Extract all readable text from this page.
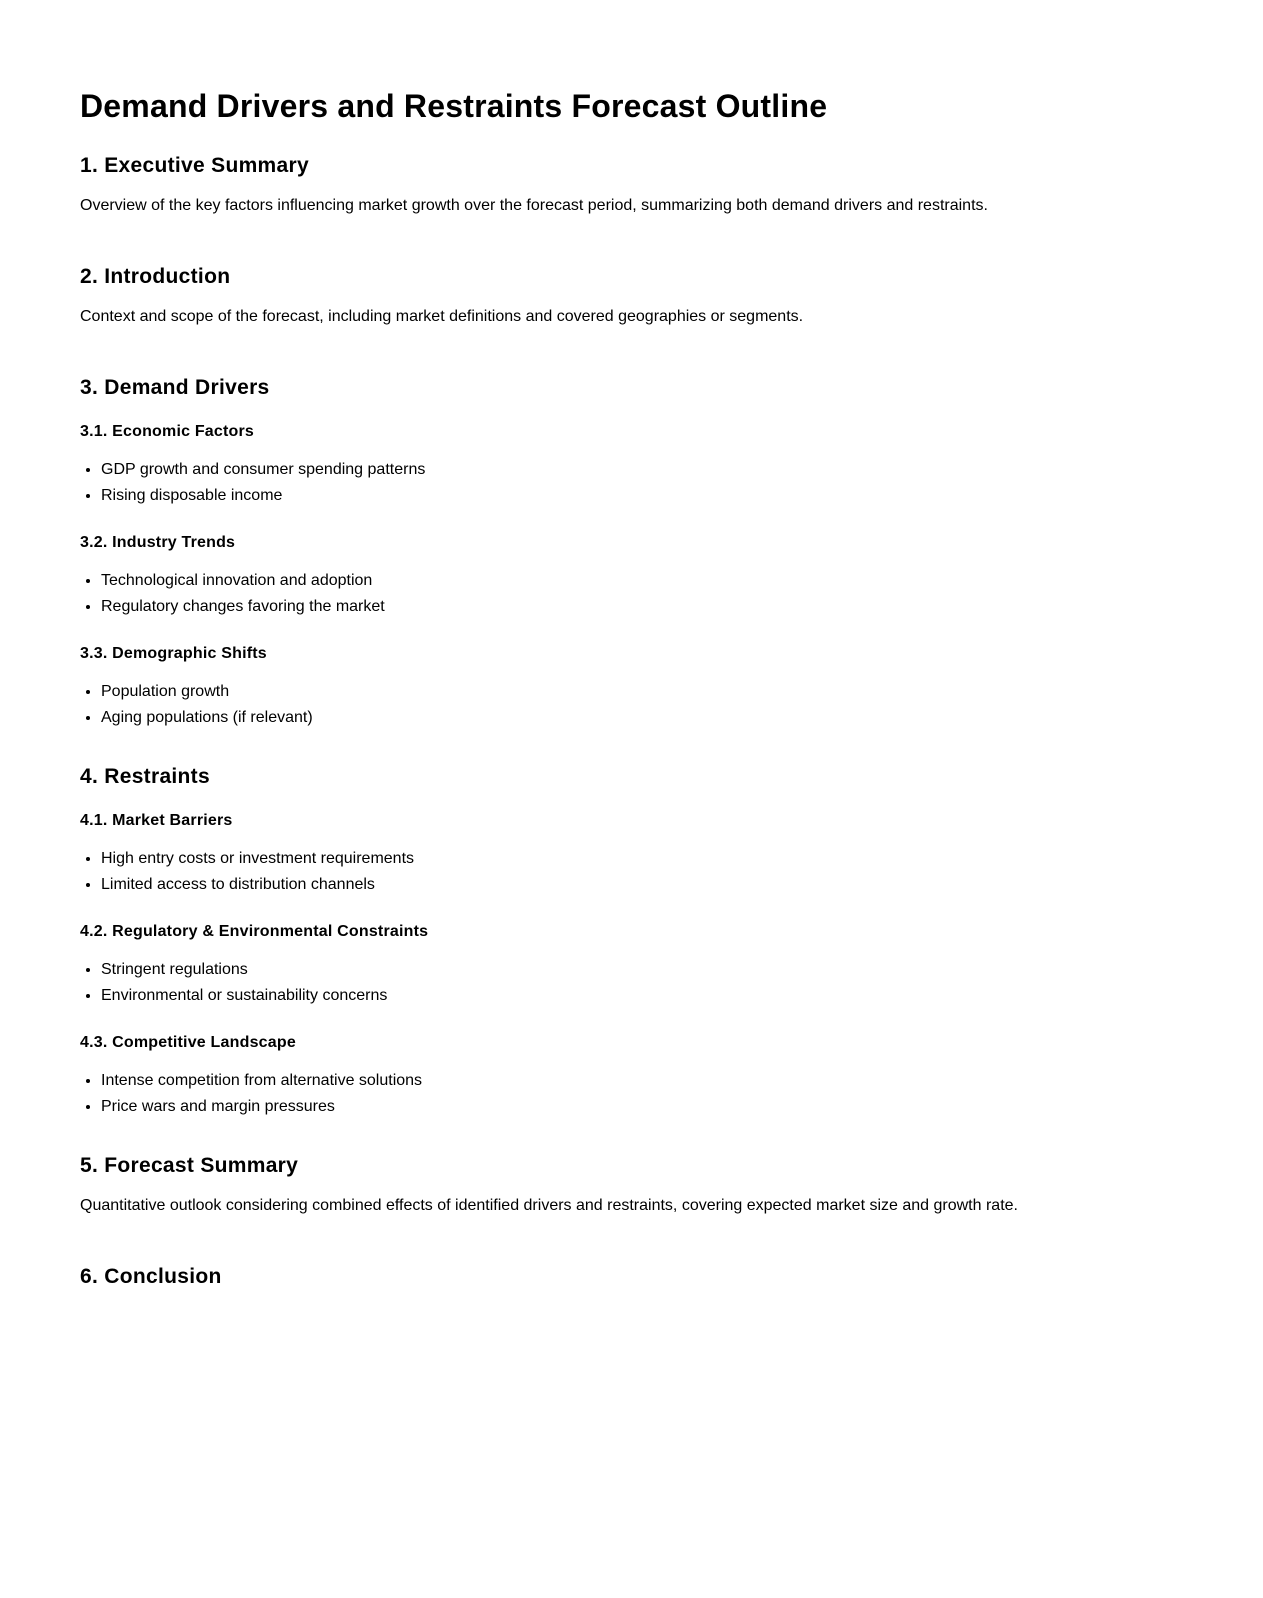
Demand Drivers and Restraints Forecast Outline
1. Executive Summary

Overview of the key factors influencing market growth over the forecast period, summarizing both demand drivers and restraints.

2. Introduction

Context and scope of the forecast, including market definitions and covered geographies or segments.

3. Demand Drivers
3.1. Economic Factors
• GDP growth and consumer spending patterns
• Rising disposable income
3.2. Industry Trends
• Technological innovation and adoption
• Regulatory changes favoring the market
3.3. Demographic Shifts
• Population growth
• Aging populations (if relevant)
4. Restraints
4.1. Market Barriers
• High entry costs or investment requirements
• Limited access to distribution channels
4.2. Regulatory & Environmental Constraints
• Stringent regulations
• Environmental or sustainability concerns
4.3. Competitive Landscape
• Intense competition from alternative solutions
• Price wars and margin pressures
5. Forecast Summary

Quantitative outlook considering combined effects of identified drivers and restraints, covering expected market size and growth rate.

6. Conclusion
